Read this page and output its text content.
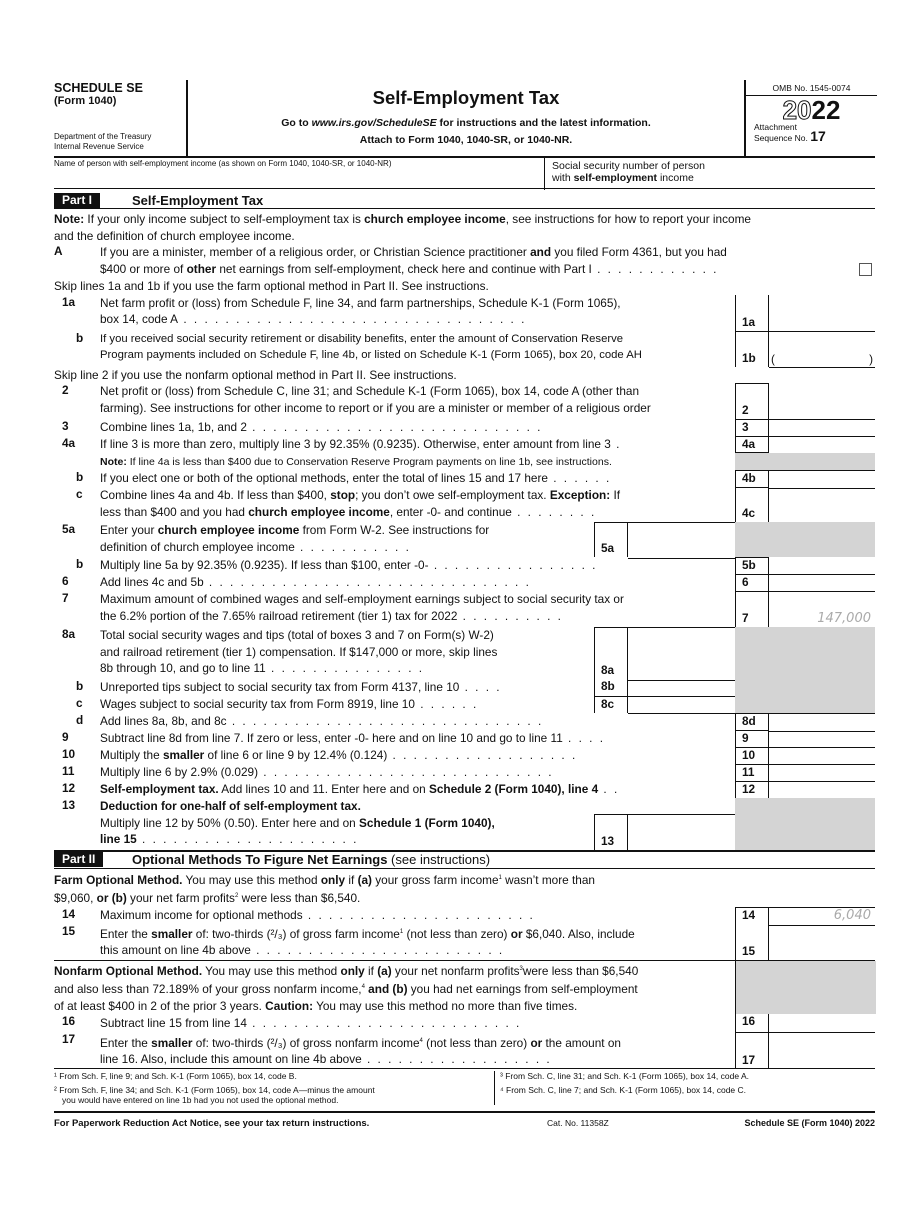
SCHEDULE SE
(Form 1040)
Department of the Treasury
Internal Revenue Service
Self-Employment Tax
Go to www.irs.gov/ScheduleSE for instructions and the latest information.
Attach to Form 1040, 1040-SR, or 1040-NR.
OMB No. 1545-0074
2022
Attachment
Sequence No. 17
Name of person with self-employment income (as shown on Form 1040, 1040-SR, or 1040-NR)	Social security number of person
with self-employment income
Part I	Self-Employment Tax
Note: If your only income subject to self-employment tax is church employee income, see instructions for how to report your income
and the definition of church employee income.
A	If you are a minister, member of a religious order, or Christian Science practitioner and you filed Form 4361, but you had
$400 or more of other net earnings from self-employment, check here and continue with Part I . . . . . . . . . . . .
Skip lines 1a and 1b if you use the farm optional method in Part II. See instructions.
1a	Net farm profit or (loss) from Schedule F, line 34, and farm partnerships, Schedule K-1 (Form 1065),
box 14, code A . . . . . . . . . . . . . . . . . . . . . . . . . . . . . . . . .	1a
b	If you received social security retirement or disability benefits, enter the amount of Conservation Reserve
Program payments included on Schedule F, line 4b, or listed on Schedule K-1 (Form 1065), box 20, code AH	1b (	)
Skip line 2 if you use the nonfarm optional method in Part II. See instructions.
2	Net profit or (loss) from Schedule C, line 31; and Schedule K-1 (Form 1065), box 14, code A (other than
farming). See instructions for other income to report or if you are a minister or member of a religious order	2
3	Combine lines 1a, 1b, and 2 . . . . . . . . . . . . . . . . . . . . . . . . . . . .	3
4a	If line 3 is more than zero, multiply line 3 by 92.35% (0.9235). Otherwise, enter amount from line 3 .
Note: If line 4a is less than $400 due to Conservation Reserve Program payments on line 1b, see instructions.
4a
b	If you elect one or both of the optional methods, enter the total of lines 15 and 17 here . . . . . .	4b
c	Combine lines 4a and 4b. If less than $400, stop; you don’t owe self-employment tax. Exception: If
less than $400 and you had church employee income, enter -0- and continue . . . . . . . .	4c
5a	Enter your church employee income from Form W-2. See instructions for
definition of church employee income . . . . . . . . . . .	5a
b	Multiply line 5a by 92.35% (0.9235). If less than $100, enter -0- . . . . . . . . . . . . . . . .	5b
6	Add lines 4c and 5b . . . . . . . . . . . . . . . . . . . . . . . . . . . . . . .	6
7	Maximum amount of combined wages and self-employment earnings subject to social security tax or
the 6.2% portion of the 7.65% railroad retirement (tier 1) tax for 2022 . . . . . . . . . .	7	147,000
8a	Total social security wages and tips (total of boxes 3 and 7 on Form(s) W-2)
and railroad retirement (tier 1) compensation. If $147,000 or more, skip lines
8b through 10, and go to line 11 . . . . . . . . . . . . . . .	8a
b	Unreported tips subject to social security tax from Form 4137, line 10 . . . .	8b
c	Wages subject to social security tax from Form 8919, line 10 . . . . . .	8c
d	Add lines 8a, 8b, and 8c . . . . . . . . . . . . . . . . . . . . . . . . . . . . . .	8d
9	Subtract line 8d from line 7. If zero or less, enter -0- here and on line 10 and go to line 11 . . . .	9
10	Multiply the smaller of line 6 or line 9 by 12.4% (0.124) . . . . . . . . . . . . . . . . . .	10
11	Multiply line 6 by 2.9% (0.029) . . . . . . . . . . . . . . . . . . . . . . . . . . . .	11
12	Self-employment tax. Add lines 10 and 11. Enter here and on Schedule 2 (Form 1040), line 4 . .	12
13	Deduction for one-half of self-employment tax.
Multiply line 12 by 50% (0.50). Enter here and on Schedule 1 (Form 1040),
line 15 . . . . . . . . . . . . . . . . . . . . .	13
Part II	Optional Methods To Figure Net Earnings (see instructions)
Farm Optional Method. You may use this method only if (a) your gross farm income$^1$ wasn’t more than
$9,060, or (b) your net farm profits$^2$ were less than $6,540.
14	Maximum income for optional methods . . . . . . . . . . . . . . . . . . . . . .	14	6,040
15	Enter the smaller of: two-thirds (²/₃) of gross farm income$^1$ (not less than zero) or $6,040. Also, include
this amount on line 4b above . . . . . . . . . . . . . . . . . . . . . . . .	15
Nonfarm Optional Method. You may use this method only if (a) your net nonfarm profits$^3$were less than $6,540
and also less than 72.189% of your gross nonfarm income,$^4$ and (b) you had net earnings from self-employment
of at least $400 in 2 of the prior 3 years. Caution: You may use this method no more than five times.
16	Subtract line 15 from line 14 . . . . . . . . . . . . . . . . . . . . . . . . . .	16
17	Enter the smaller of: two-thirds (²/₃) of gross nonfarm income$^4$ (not less than zero) or the amount on
line 16. Also, include this amount on line 4b above . . . . . . . . . . . . . . . . . .	17
¹ From Sch. F, line 9; and Sch. K-1 (Form 1065), box 14, code B.
² From Sch. F, line 34; and Sch. K-1 (Form 1065), box 14, code A—minus the amount
you would have entered on line 1b had you not used the optional method.
³ From Sch. C, line 31; and Sch. K-1 (Form 1065), box 14, code A.
⁴ From Sch. C, line 7; and Sch. K-1 (Form 1065), box 14, code C.
For Paperwork Reduction Act Notice, see your tax return instructions.	Cat. No. 11358Z	Schedule SE (Form 1040) 2022
